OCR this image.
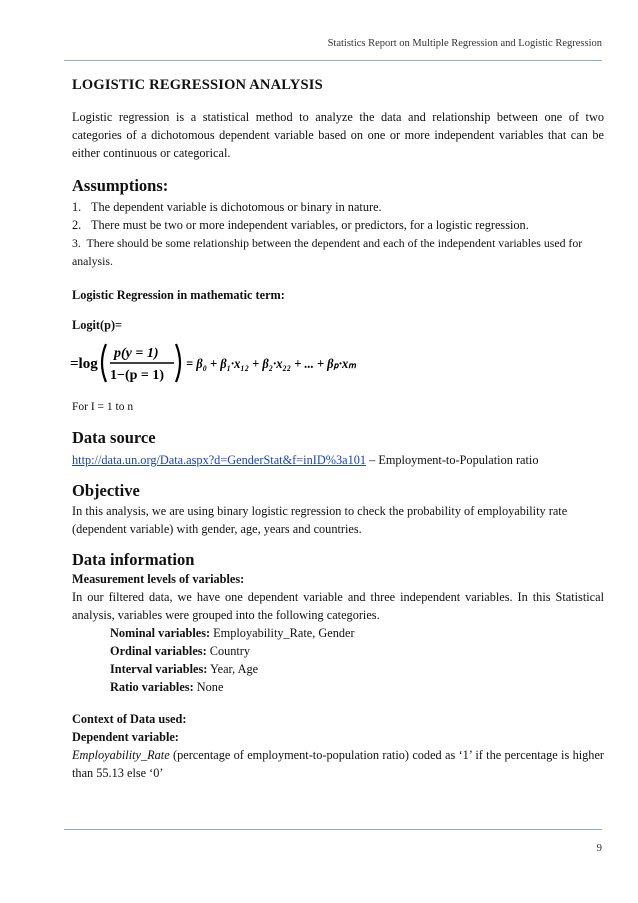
Statistics Report on Multiple Regression and Logistic Regression
LOGISTIC REGRESSION ANALYSIS

Logistic regression is a statistical method to analyze the data and relationship between one of two categories of a dichotomous dependent variable based on one or more independent variables that can be either continuous or categorical.

Assumptions:
1. The dependent variable is dichotomous or binary in nature.
2. There must be two or more independent variables, or predictors, for a logistic regression.
3. There should be some relationship between the dependent and each of the independent variables used for analysis.

Logistic Regression in mathematic term:

Logit(p)=

=log
p(y = 1)
1−(p = 1)
= β₀ + β₁·x₁₂ + β₂·x₂₂ + ... + βₚ·xₘ

For I = 1 to n

Data source

http://data.un.org/Data.aspx?d=GenderStat&f=inID%3a101 – Employment-to-Population ratio

Objective

In this analysis, we are using binary logistic regression to check the probability of employability rate (dependent variable) with gender, age, years and countries.

Data information

Measurement levels of variables:

In our filtered data, we have one dependent variable and three independent variables. In this Statistical analysis, variables were grouped into the following categories.

Nominal variables: Employability_Rate, Gender
Ordinal variables: Country
Interval variables: Year, Age
Ratio variables: None

Context of Data used:

Dependent variable:

Employability_Rate (percentage of employment-to-population ratio) coded as ‘1’ if the percentage is higher than 55.13 else ‘0’

9
